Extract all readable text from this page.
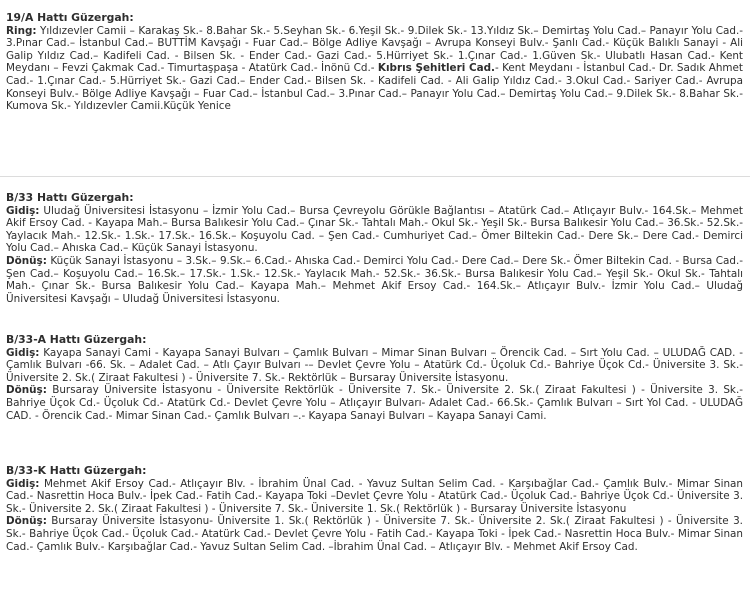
19/A Hattı Güzergah:

Ring: Yıldızevler Camii – Karakaş Sk.- 8.Bahar Sk.- 5.Seyhan Sk.- 6.Yeşil Sk.- 9.Dilek Sk.- 13.Yıldız Sk.– Demirtaş Yolu Cad.– Panayır Yolu Cad.- 3.Pınar Cad.– İstanbul Cad.– BUTTİM Kavşağı - Fuar Cad.– Bölge Adliye Kavşağı – Avrupa Konseyi Bulv.- Şanlı Cad.- Küçük Balıklı Sanayi - Ali Galip Yıldız Cad.– Kadifeli Cad. - Bilsen Sk. - Ender Cad.- Gazi Cad.- 5.Hürriyet Sk.- 1.Çınar Cad.- 1.Güven Sk.- Ulubatlı Hasan Cad.- Kent Meydanı – Fevzi Çakmak Cad.- Timurtaşpaşa - Atatürk Cad.- İnönü Cd.- Kıbrıs Şehitleri Cad.- Kent Meydanı - İstanbul Cad.- Dr. Sadık Ahmet Cad.- 1.Çınar Cad.- 5.Hürriyet Sk.- Gazi Cad.– Ender Cad.- Bilsen Sk. - Kadifeli Cad. - Ali Galip Yıldız Cad.- 3.Okul Cad.- Sariyer Cad.- Avrupa Konseyi Bulv.- Bölge Adliye Kavşağı – Fuar Cad.– İstanbul Cad.– 3.Pınar Cad.– Panayır Yolu Cad.– Demirtaş Yolu Cad.– 9.Dilek Sk.- 8.Bahar Sk.- Kumova Sk.- Yıldızevler Camii.Küçük Yenice

B/33 Hattı Güzergah:

Gidiş: Uludağ Üniversitesi İstasyonu – İzmir Yolu Cad.– Bursa Çevreyolu Görükle Bağlantısı – Atatürk Cad.– Atlıçayır Bulv.- 164.Sk.– Mehmet Akif Ersoy Cad. - Kayapa Mah.– Bursa Balıkesir Yolu Cad.– Çınar Sk.- Tahtalı Mah.- Okul Sk.- Yeşil Sk.- Bursa Balıkesir Yolu Cad.– 36.Sk.- 52.Sk.- Yaylacık Mah.- 12.Sk.- 1.Sk.- 17.Sk.- 16.Sk.– Koşuyolu Cad. – Şen Cad.- Cumhuriyet Cad.– Ömer Biltekin Cad.- Dere Sk.– Dere Cad.- Demirci Yolu Cad.– Ahıska Cad.– Küçük Sanayi İstasyonu.

Dönüş: Küçük Sanayi İstasyonu – 3.Sk.– 9.Sk.– 6.Cad.- Ahıska Cad.- Demirci Yolu Cad.- Dere Cad.– Dere Sk.- Ömer Biltekin Cad. - Bursa Cad.- Şen Cad.– Koşuyolu Cad.– 16.Sk.– 17.Sk.- 1.Sk.- 12.Sk.- Yaylacık Mah.- 52.Sk.- 36.Sk.- Bursa Balıkesir Yolu Cad.– Yeşil Sk.- Okul Sk.- Tahtalı Mah.- Çınar Sk.- Bursa Balıkesir Yolu Cad.– Kayapa Mah.– Mehmet Akif Ersoy Cad.- 164.Sk.– Atlıçayır Bulv.- İzmir Yolu Cad.– Uludağ Üniversitesi Kavşağı – Uludağ Üniversitesi İstasyonu.

B/33-A Hattı Güzergah:

Gidiş: Kayapa Sanayi Cami - Kayapa Sanayi Bulvarı – Çamlık Bulvarı – Mimar Sinan Bulvarı – Örencik Cad. – Sırt Yolu Cad. – ULUDAĞ CAD. - Çamlık Bulvarı -66. Sk. – Adalet Cad. – Atlı Çayır Bulvarı -– Devlet Çevre Yolu – Atatürk Cd.- Üçoluk Cd.- Bahriye Üçok Cd.- Üniversite 3. Sk.- Üniversite 2. Sk.( Ziraat Fakultesi ) - Üniversite 7. Sk.- Rektörlük – Bursaray Üniversite İstasyonu.

Dönüş: Bursaray Üniversite İstasyonu - Üniversite Rektörlük - Üniversite 7. Sk.- Üniversite 2. Sk.( Ziraat Fakultesi ) - Üniversite 3. Sk.- Bahriye Üçok Cd.- Üçoluk Cd.- Atatürk Cd.- Devlet Çevre Yolu – Atlıçayır Bulvarı- Adalet Cad.- 66.Sk.- Çamlık Bulvarı – Sırt Yol Cad. - ULUDAĞ CAD. - Örencik Cad.- Mimar Sinan Cad.- Çamlık Bulvarı –.- Kayapa Sanayi Bulvarı – Kayapa Sanayi Cami.

B/33-K Hattı Güzergah:

Gidiş: Mehmet Akif Ersoy Cad.- Atlıçayır Blv. - İbrahim Ünal Cad. - Yavuz Sultan Selim Cad. - Karşıbağlar Cad.- Çamlık Bulv.- Mimar Sinan Cad.- Nasrettin Hoca Bulv.- İpek Cad.- Fatih Cad.- Kayapa Toki –Devlet Çevre Yolu - Atatürk Cad.- Üçoluk Cad.- Bahriye Üçok Cd.- Üniversite 3. Sk.- Üniversite 2. Sk.( Ziraat Fakultesi ) - Üniversite 7. Sk.- Üniversite 1. Sk.( Rektörlük ) - Bursaray Üniversite İstasyonu

Dönüş: Bursaray Üniversite İstasyonu- Üniversite 1. Sk.( Rektörlük ) - Üniversite 7. Sk.- Üniversite 2. Sk.( Ziraat Fakultesi ) - Üniversite 3. Sk.- Bahriye Üçok Cad.- Üçoluk Cad.- Atatürk Cad.- Devlet Çevre Yolu - Fatih Cad.- Kayapa Toki - İpek Cad.- Nasrettin Hoca Bulv.- Mimar Sinan Cad.- Çamlık Bulv.- Karşıbağlar Cad.- Yavuz Sultan Selim Cad. –İbrahim Ünal Cad. – Atlıçayır Blv. - Mehmet Akif Ersoy Cad.
